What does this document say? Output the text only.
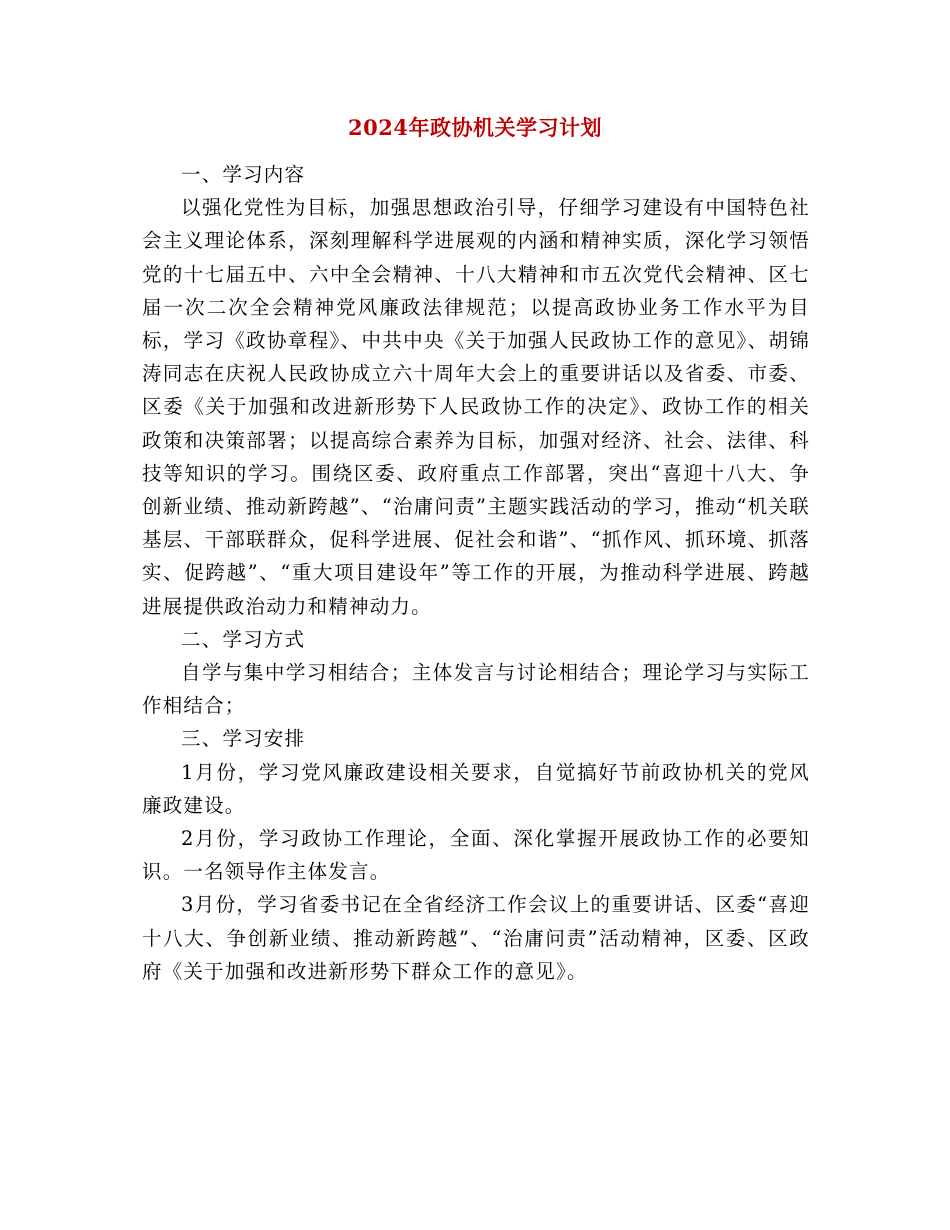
2024年政协机关学习计划

一、学习内容

以强化党性为目标，加强思想政治引导，仔细学习建设有中国特色社会主义理论体系，深刻理解科学进展观的内涵和精神实质，深化学习领悟党的十七届五中、六中全会精神、十八大精神和市五次党代会精神、区七届一次二次全会精神党风廉政法律规范；以提高政协业务工作水平为目标，学习《政协章程》、中共中央《关于加强人民政协工作的意见》、胡锦涛同志在庆祝人民政协成立六十周年大会上的重要讲话以及省委、市委、区委《关于加强和改进新形势下人民政协工作的决定》、政协工作的相关政策和决策部署；以提高综合素养为目标，加强对经济、社会、法律、科技等知识的学习。围绕区委、政府重点工作部署，突出“喜迎十八大、争创新业绩、推动新跨越”、“治庸问责”主题实践活动的学习，推动“机关联基层、干部联群众，促科学进展、促社会和谐”、“抓作风、抓环境、抓落实、促跨越”、“重大项目建设年”等工作的开展，为推动科学进展、跨越进展提供政治动力和精神动力。

二、学习方式

自学与集中学习相结合；主体发言与讨论相结合；理论学习与实际工作相结合；

三、学习安排

1月份，学习党风廉政建设相关要求，自觉搞好节前政协机关的党风廉政建设。

2月份，学习政协工作理论，全面、深化掌握开展政协工作的必要知识。一名领导作主体发言。

3月份，学习省委书记在全省经济工作会议上的重要讲话、区委“喜迎十八大、争创新业绩、推动新跨越”、“治庸问责”活动精神，区委、区政府《关于加强和改进新形势下群众工作的意见》。
